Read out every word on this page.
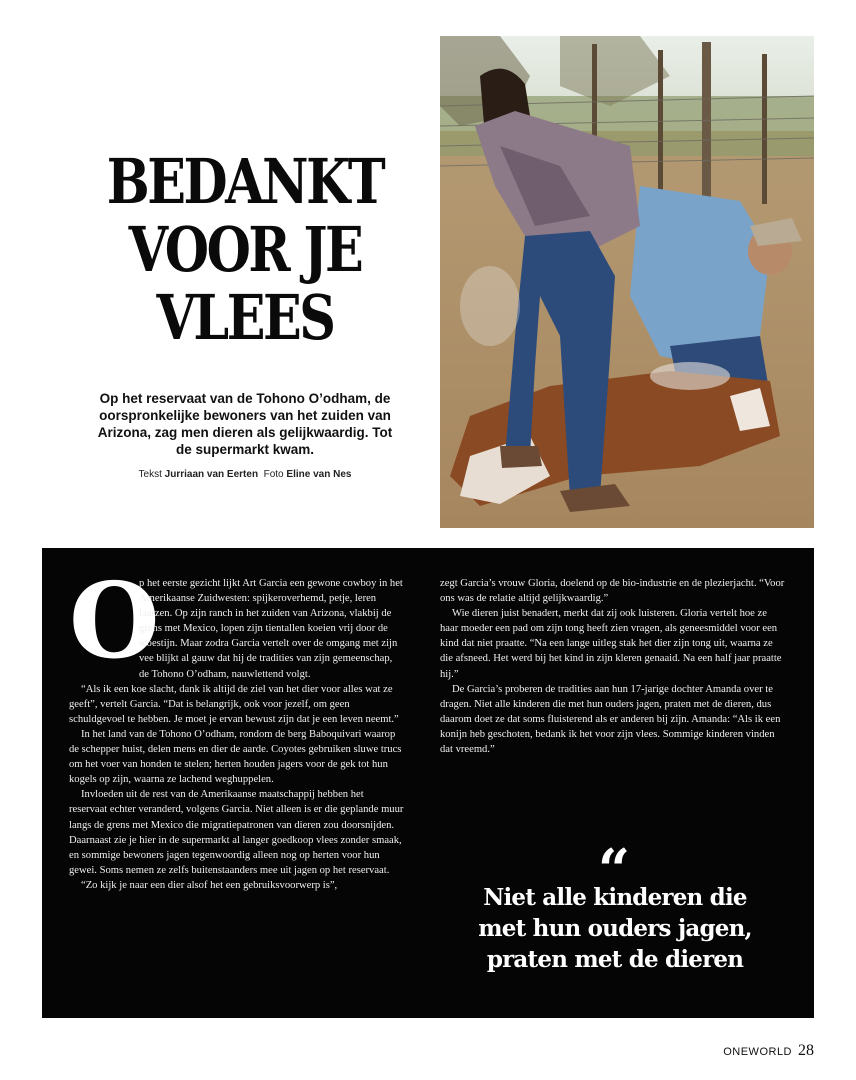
BEDANKT
VOOR JE
VLEES

Op het reservaat van de Tohono O’odham, de oorspronkelijke bewoners van het zuiden van Arizona, zag men dieren als gelijkwaardig. Tot de supermarkt kwam.

Tekst Jurriaan van Eerten Foto Eline van Nes

O

p het eerste gezicht lijkt Art Garcia een gewone cowboy in het Amerikaanse Zuidwesten: spijkeroverhemd, petje, leren laarzen. Op zijn ranch in het zuiden van Arizona, vlakbij de grens met Mexico, lopen zijn tientallen koeien vrij door de woestijn. Maar zodra Garcia vertelt over de omgang met zijn vee blijkt al gauw dat hij de tradities van zijn gemeenschap, de Tohono O’odham, nauwlettend volgt.

“Als ik een koe slacht, dank ik altijd de ziel van het dier voor alles wat ze geeft”, vertelt Garcia. “Dat is belangrijk, ook voor jezelf, om geen schuldgevoel te hebben. Je moet je ervan bewust zijn dat je een leven neemt.”

In het land van de Tohono O’odham, rondom de berg Baboquivari waarop de schepper huist, delen mens en dier de aarde. Coyotes gebruiken sluwe trucs om het voer van honden te stelen; herten houden jagers voor de gek tot hun kogels op zijn, waarna ze lachend weghuppelen.

Invloeden uit de rest van de Amerikaanse maatschappij hebben het reservaat echter veranderd, volgens Garcia. Niet alleen is er die geplande muur langs de grens met Mexico die migratiepatronen van dieren zou doorsnijden. Daarnaast zie je hier in de supermarkt al langer goedkoop vlees zonder smaak, en sommige bewoners jagen tegenwoordig alleen nog op herten voor hun gewei. Soms nemen ze zelfs buitenstaanders mee uit jagen op het reservaat.

“Zo kijk je naar een dier alsof het een gebruiksvoorwerp is”,

zegt Garcia’s vrouw Gloria, doelend op de bio-industrie en de plezierjacht. “Voor ons was de relatie altijd gelijkwaardig.”

Wie dieren juist benadert, merkt dat zij ook luisteren. Gloria vertelt hoe ze haar moeder een pad om zijn tong heeft zien vragen, als geneesmiddel voor een kind dat niet praatte. “Na een lange uitleg stak het dier zijn tong uit, waarna ze die afsneed. Het werd bij het kind in zijn kleren genaaid. Na een half jaar praatte hij.”

De Garcia’s proberen de tradities aan hun 17-jarige dochter Amanda over te dragen. Niet alle kinderen die met hun ouders jagen, praten met de dieren, dus daarom doet ze dat soms fluisterend als er anderen bij zijn. Amanda: “Als ik een konijn heb geschoten, bedank ik het voor zijn vlees. Sommige kinderen vinden dat vreemd.”

“
Niet alle kinderen die met hun ouders jagen, praten met de dieren
ONEWORLD 28
